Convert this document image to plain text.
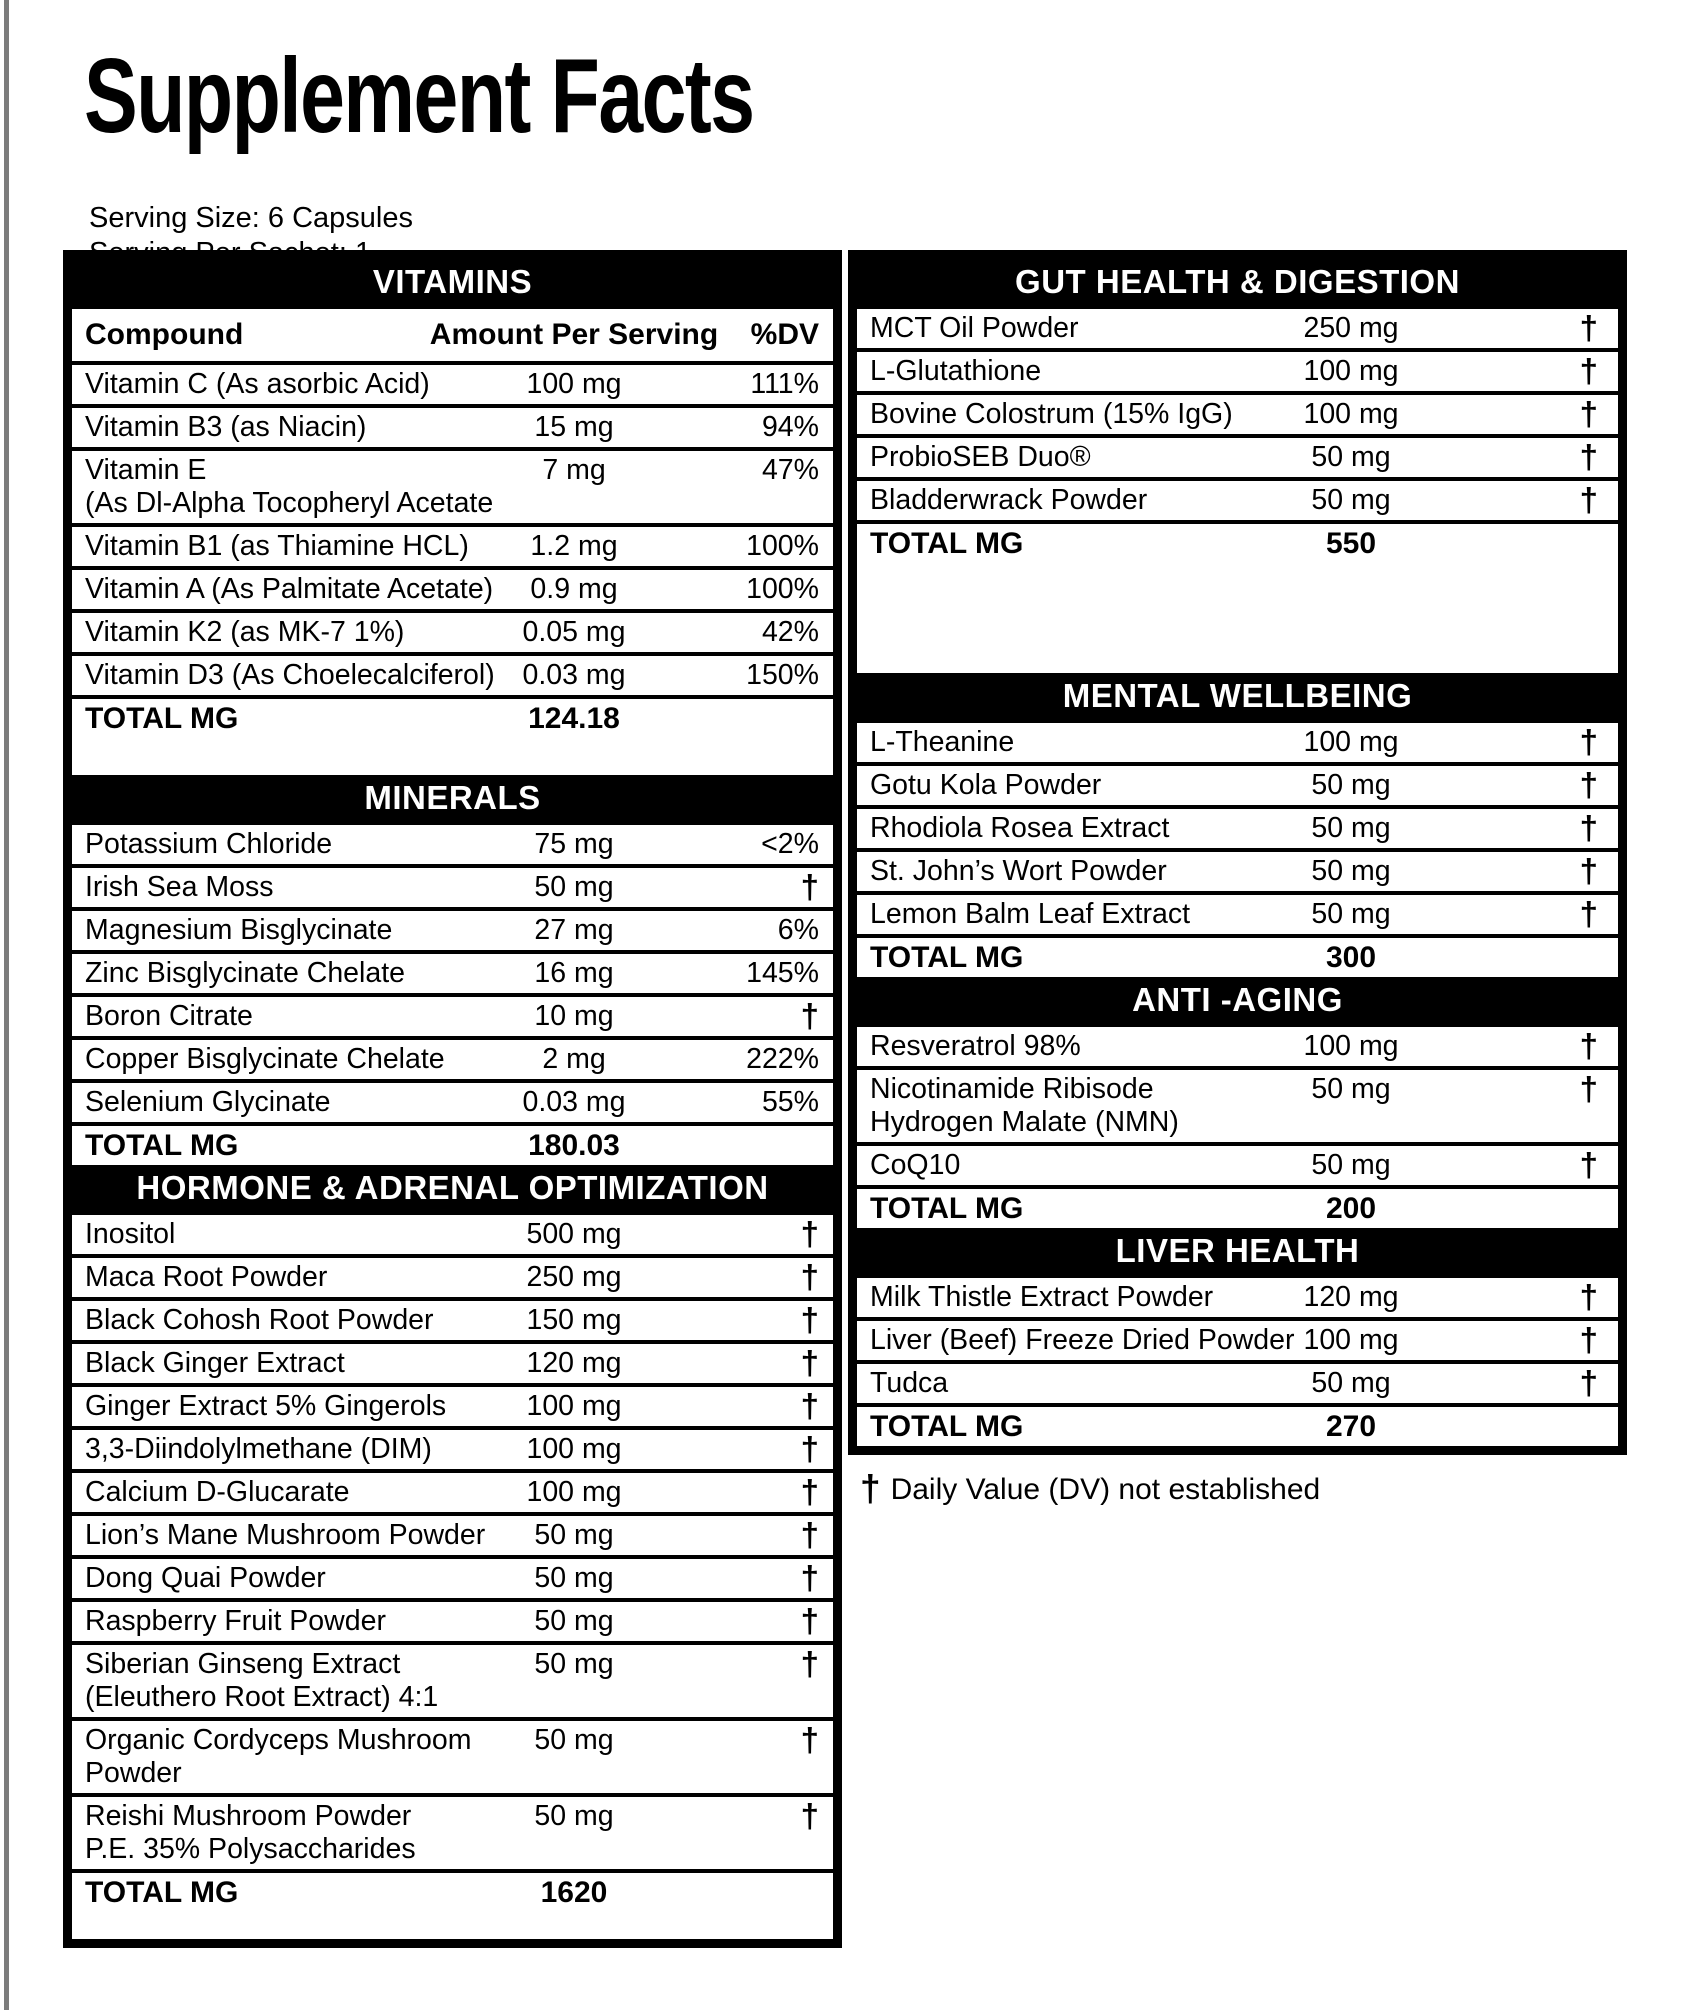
Supplement Facts
Serving Size: 6 Capsules
VITAMINS
Compound	Amount Per Serving %DV
Vitamin C (As asorbic Acid)	100 mg	111%
Vitamin B3 (as Niacin)	15 mg	94%
Vitamin E
(As Dl-Alpha Tocopheryl Acetate
7 mg	47%
Vitamin B1 (as Thiamine HCL)	1.2 mg	100%
Vitamin A (As Palmitate Acetate)	0.9 mg	100%
Vitamin K2 (as MK-7 1%)	0.05 mg	42%
Vitamin D3 (As Choelecalciferol) 0.03 mg	150%
TOTAL MG	124.18
MINERALS
Potassium Chloride	75 mg	<2%
Irish Sea Moss	50 mg	†
Magnesium Bisglycinate	27 mg	6%
Zinc Bisglycinate Chelate	16 mg	145%
Boron Citrate	10 mg	†
Copper Bisglycinate Chelate	2 mg	222%
Selenium Glycinate	0.03 mg	55%
TOTAL MG	180.03
HORMONE & ADRENAL OPTIMIZATION
Inositol	500 mg	†
Maca Root Powder	250 mg	†
Black Cohosh Root Powder	150 mg	†
Black Ginger Extract	120 mg	†
Ginger Extract 5% Gingerols	100 mg	†
3,3-Diindolylmethane (DIM)	100 mg	†
Calcium D-Glucarate	100 mg	†
Lion’s Mane Mushroom Powder	50 mg	†
Dong Quai Powder	50 mg	†
Raspberry Fruit Powder	50 mg	†
Siberian Ginseng Extract
(Eleuthero Root Extract) 4:1
50 mg	†
Organic Cordyceps Mushroom
Powder
50 mg	†
Reishi Mushroom Powder
P.E. 35% Polysaccharides
50 mg	†
TOTAL MG	1620
GUT HEALTH & DIGESTION
MCT Oil Powder	250 mg	†
L-Glutathione	100 mg	†
Bovine Colostrum (15% IgG)	100 mg	†
ProbioSEB Duo®	50 mg	†
Bladderwrack Powder	50 mg	†
TOTAL MG	550
MENTAL WELLBEING
L-Theanine	100 mg	†
Gotu Kola Powder	50 mg	†
Rhodiola Rosea Extract	50 mg	†
St. John’s Wort Powder	50 mg	†
Lemon Balm Leaf Extract	50 mg	†
TOTAL MG	300
ANTI -AGING
Resveratrol 98%	100 mg	†
Nicotinamide Ribisode
Hydrogen Malate (NMN)
50 mg	†
CoQ10	50 mg	†
TOTAL MG	200
LIVER HEALTH
Milk Thistle Extract Powder	120 mg	†
Liver (Beef) Freeze Dried Powder 100 mg	†
Tudca	50 mg	†
TOTAL MG	270
† Daily Value (DV) not established
